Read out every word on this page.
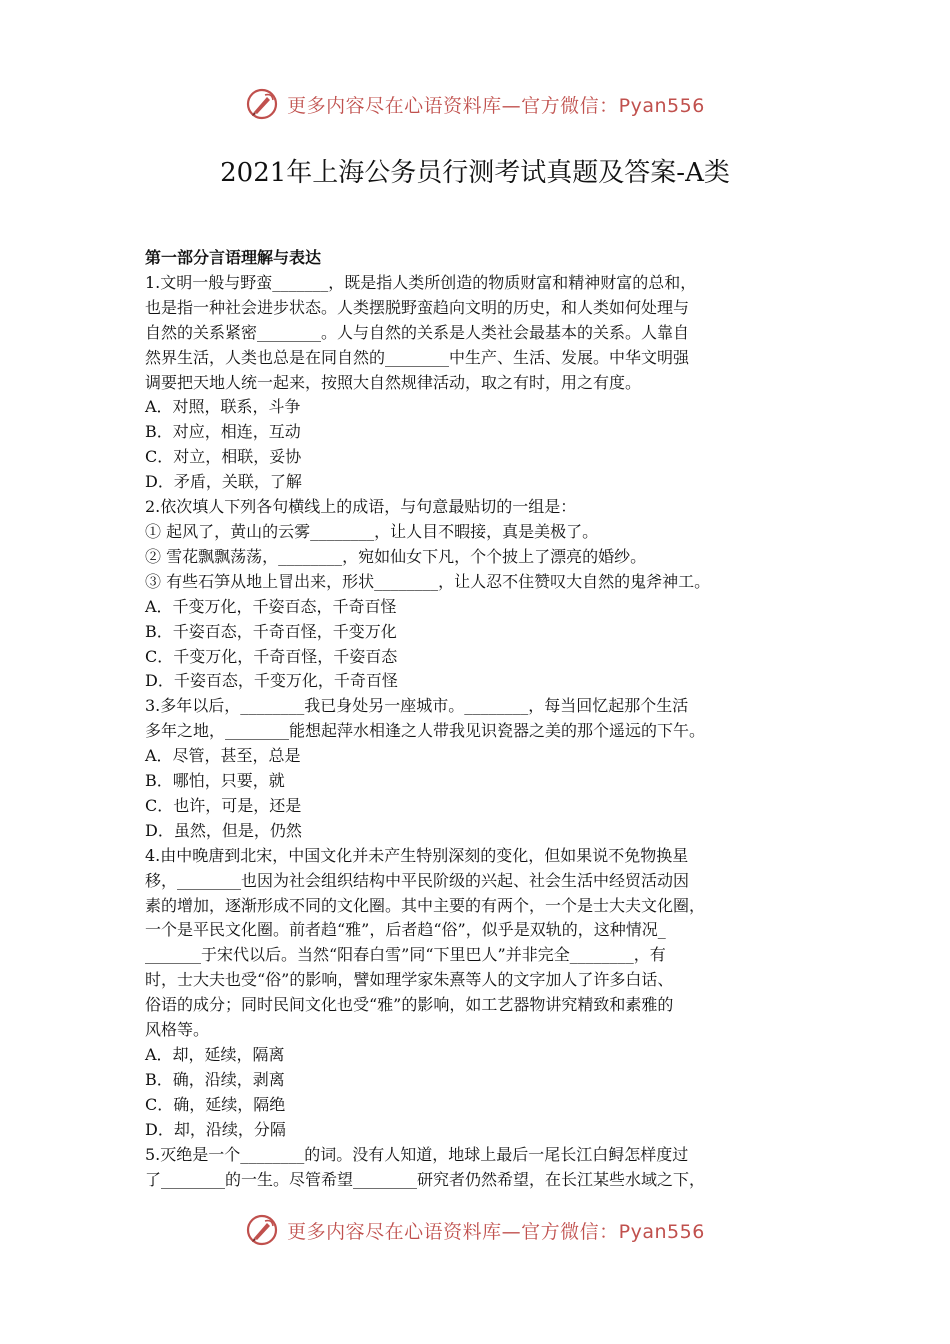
更多内容尽在心语资料库—官方微信：Pyan556
2021年上海公务员行测考试真题及答案-A类
第一部分言语理解与表达
1.文明一般与野蛮_______，既是指人类所创造的物质财富和精神财富的总和，
也是指一种社会进步状态。人类摆脱野蛮趋向文明的历史，和人类如何处理与
自然的关系紧密________。人与自然的关系是人类社会最基本的关系。人靠自
然界生活，人类也总是在同自然的________中生产、生活、发展。中华文明强
调要把天地人统一起来，按照大自然规律活动，取之有时，用之有度。
A．对照，联系，斗争
B．对应，相连，互动
C．对立，相联，妥协
D．矛盾，关联，了解
2.依次填人下列各句横线上的成语，与句意最贴切的一组是：
① 起风了，黄山的云雾________，让人目不暇接，真是美极了。
② 雪花飘飘荡荡，________，宛如仙女下凡，个个披上了漂亮的婚纱。
③ 有些石笋从地上冒出来，形状________，让人忍不住赞叹大自然的鬼斧神工。
A．千变万化，千姿百态，千奇百怪
B．千姿百态，千奇百怪，千变万化
C．千变万化，千奇百怪，千姿百态
D．千姿百态，千变万化，千奇百怪
3.多年以后，________我已身处另一座城市。________，每当回忆起那个生活
多年之地，________能想起萍水相逢之人带我见识瓷器之美的那个遥远的下午。
A．尽管，甚至，总是
B．哪怕，只要，就
C．也许，可是，还是
D．虽然，但是，仍然
4.由中晚唐到北宋，中国文化并未产生特别深刻的变化，但如果说不免物换星
移，________也因为社会组织结构中平民阶级的兴起、社会生活中经贸活动因
素的增加，逐渐形成不同的文化圈。其中主要的有两个，一个是士大夫文化圈，
一个是平民文化圈。前者趋“雅”，后者趋“俗”，似乎是双轨的，这种情况_
_______于宋代以后。当然“阳春白雪”同“下里巴人”并非完全________，有
时，士大夫也受“俗”的影响，譬如理学家朱熹等人的文字加人了许多白话、
俗语的成分；同时民间文化也受“雅”的影响，如工艺器物讲究精致和素雅的
风格等。
A．却，延续，隔离
B．确，沿续，剥离
C．确，延续，隔绝
D．却，沿续，分隔
5.灭绝是一个________的词。没有人知道，地球上最后一尾长江白鲟怎样度过
了________的一生。尽管希望________研究者仍然希望，在长江某些水域之下，
更多内容尽在心语资料库—官方微信：Pyan556
